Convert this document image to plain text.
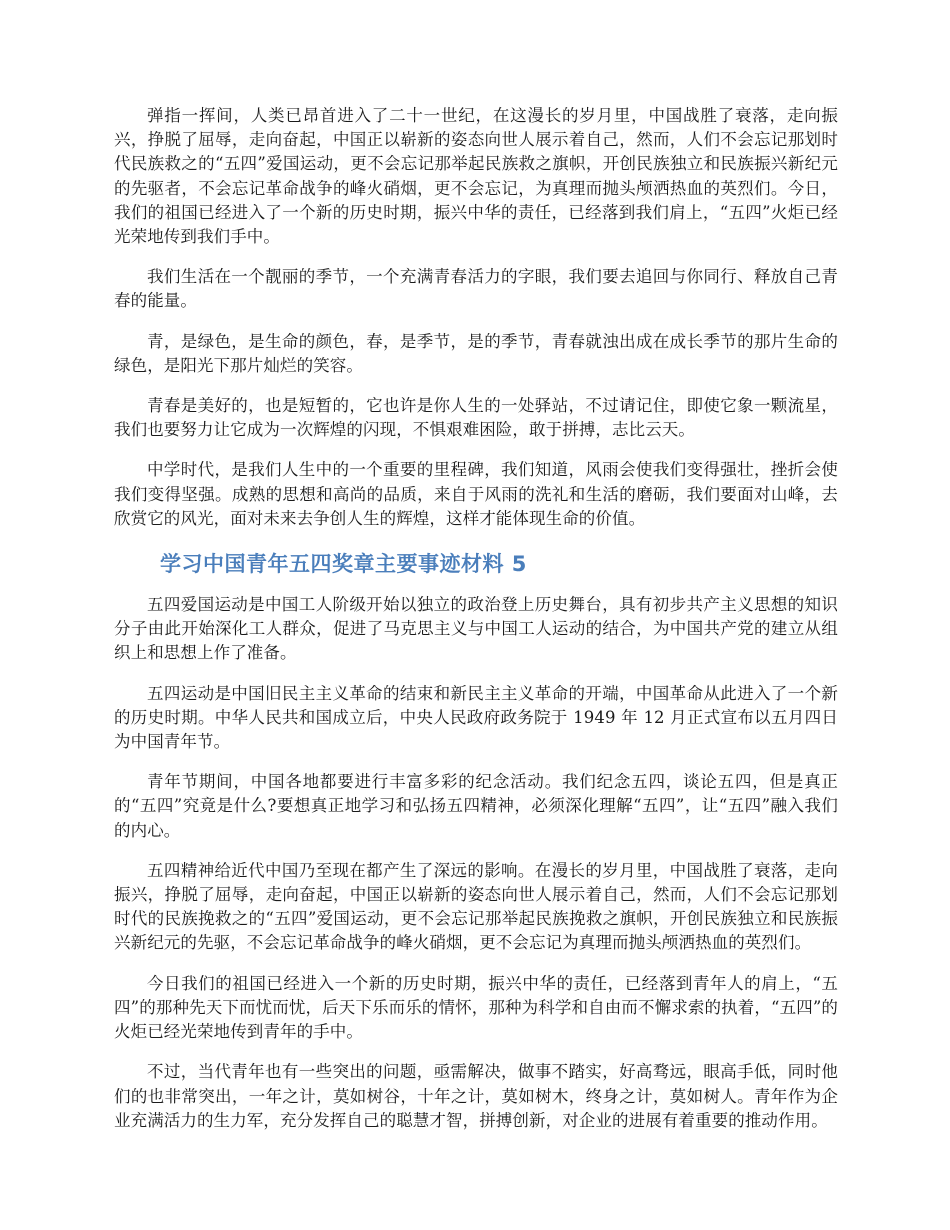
弹指一挥间，人类已昂首进入了二十一世纪，在这漫长的岁月里，中国战胜了衰落，走向振兴，挣脱了屈辱，走向奋起，中国正以崭新的姿态向世人展示着自己，然而，人们不会忘记那划时代民族救之的“五四”爱国运动，更不会忘记那举起民族救之旗帜，开创民族独立和民族振兴新纪元的先驱者，不会忘记革命战争的峰火硝烟，更不会忘记，为真理而抛头颅洒热血的英烈们。今日，我们的祖国已经进入了一个新的历史时期，振兴中华的责任，已经落到我们肩上，“五四”火炬已经光荣地传到我们手中。

我们生活在一个靓丽的季节，一个充满青春活力的字眼，我们要去追回与你同行、释放自己青春的能量。

青，是绿色，是生命的颜色，春，是季节，是的季节，青春就浊出成在成长季节的那片生命的绿色，是阳光下那片灿烂的笑容。

青春是美好的，也是短暂的，它也许是你人生的一处驿站，不过请记住，即使它象一颗流星，我们也要努力让它成为一次辉煌的闪现，不惧艰难困险，敢于拼搏，志比云天。

中学时代，是我们人生中的一个重要的里程碑，我们知道，风雨会使我们变得强壮，挫折会使我们变得坚强。成熟的思想和高尚的品质，来自于风雨的洗礼和生活的磨砺，我们要面对山峰，去欣赏它的风光，面对未来去争创人生的辉煌，这样才能体现生命的价值。

学习中国青年五四奖章主要事迹材料 5

五四爱国运动是中国工人阶级开始以独立的政治登上历史舞台，具有初步共产主义思想的知识分子由此开始深化工人群众，促进了马克思主义与中国工人运动的结合，为中国共产党的建立从组织上和思想上作了准备。

五四运动是中国旧民主主义革命的结束和新民主主义革命的开端，中国革命从此进入了一个新的历史时期。中华人民共和国成立后，中央人民政府政务院于 1949 年 12 月正式宣布以五月四日为中国青年节。

青年节期间，中国各地都要进行丰富多彩的纪念活动。我们纪念五四，谈论五四，但是真正的“五四”究竟是什么?要想真正地学习和弘扬五四精神，必须深化理解“五四”，让“五四”融入我们的内心。

五四精神给近代中国乃至现在都产生了深远的影响。在漫长的岁月里，中国战胜了衰落，走向振兴，挣脱了屈辱，走向奋起，中国正以崭新的姿态向世人展示着自己，然而，人们不会忘记那划时代的民族挽救之的“五四”爱国运动，更不会忘记那举起民族挽救之旗帜，开创民族独立和民族振兴新纪元的先驱，不会忘记革命战争的峰火硝烟，更不会忘记为真理而抛头颅洒热血的英烈们。

今日我们的祖国已经进入一个新的历史时期，振兴中华的责任，已经落到青年人的肩上，“五四”的那种先天下而忧而忧，后天下乐而乐的情怀，那种为科学和自由而不懈求索的执着，“五四”的火炬已经光荣地传到青年的手中。

不过，当代青年也有一些突出的问题，亟需解决，做事不踏实，好高骛远，眼高手低，同时他们的也非常突出，一年之计，莫如树谷，十年之计，莫如树木，终身之计，莫如树人。青年作为企业充满活力的生力军，充分发挥自己的聪慧才智，拼搏创新，对企业的进展有着重要的推动作用。
